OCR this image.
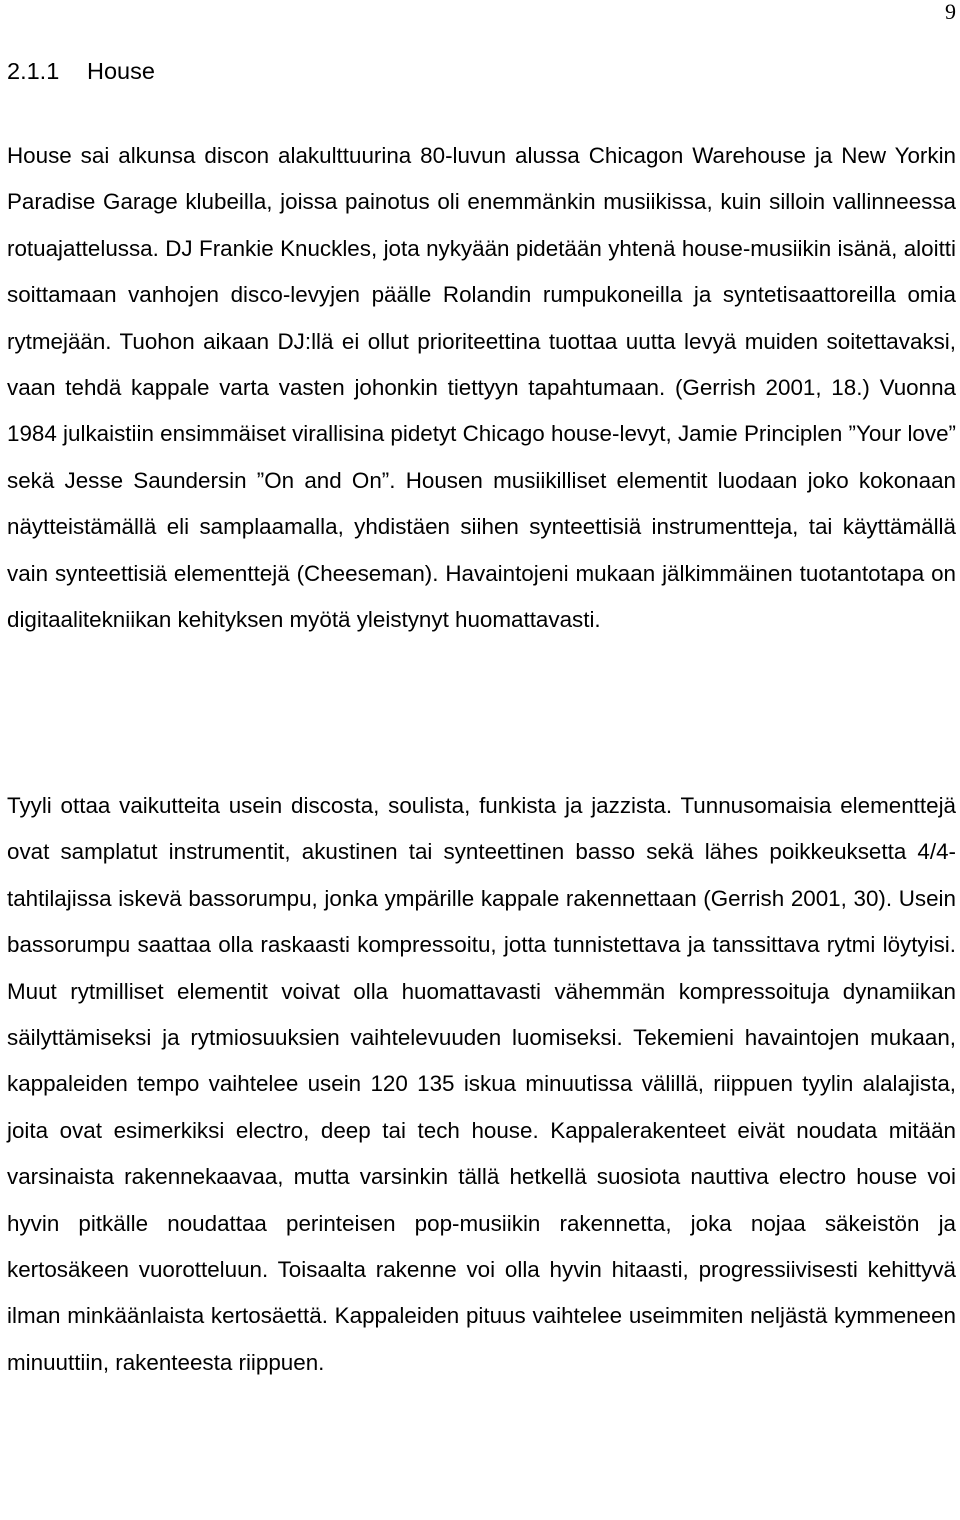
9
2.1.1 House

House sai alkunsa discon alakulttuurina 80-luvun alussa Chicagon Warehouse ja New Yorkin Paradise Garage klubeilla, joissa painotus oli enemmänkin musiikissa, kuin silloin vallinneessa rotuajattelussa. DJ Frankie Knuckles, jota nykyään pidetään yhtenä house-musiikin isänä, aloitti soittamaan vanhojen disco-levyjen päälle Rolandin rumpukoneilla ja syntetisaattoreilla omia rytmejään. Tuohon aikaan DJ:llä ei ollut prioriteettina tuottaa uutta levyä muiden soitettavaksi, vaan tehdä kappale varta vasten johonkin tiettyyn tapahtumaan. (Gerrish 2001, 18.) Vuonna 1984 julkaistiin ensimmäiset virallisina pidetyt Chicago house-levyt, Jamie Principlen ”Your love” sekä Jesse Saundersin ”On and On”. Housen musiikilliset elementit luodaan joko kokonaan näytteistämällä eli samplaamalla, yhdistäen siihen synteettisiä instrumentteja, tai käyttämällä vain synteettisiä elementtejä (Cheeseman). Havaintojeni mukaan jälkimmäinen tuotantotapa on digitaalitekniikan kehityksen myötä yleistynyt huomattavasti.

Tyyli ottaa vaikutteita usein discosta, soulista, funkista ja jazzista. Tunnusomaisia elementtejä ovat samplatut instrumentit, akustinen tai synteettinen basso sekä lähes poikkeuksetta 4/4-tahtilajissa iskevä bassorumpu, jonka ympärille kappale rakennettaan (Gerrish 2001, 30). Usein bassorumpu saattaa olla raskaasti kompressoitu, jotta tunnistettava ja tanssittava rytmi löytyisi. Muut rytmilliset elementit voivat olla huomattavasti vähemmän kompressoituja dynamiikan säilyttämiseksi ja rytmiosuuksien vaihtelevuuden luomiseksi. Tekemieni havaintojen mukaan, kappaleiden tempo vaihtelee usein 120 135 iskua minuutissa välillä, riippuen tyylin alalajista, joita ovat esimerkiksi electro, deep tai tech house. Kappalerakenteet eivät noudata mitään varsinaista rakennekaavaa, mutta varsinkin tällä hetkellä suosiota nauttiva electro house voi hyvin pitkälle noudattaa perinteisen pop-musiikin rakennetta, joka nojaa säkeistön ja kertosäkeen vuorotteluun. Toisaalta rakenne voi olla hyvin hitaasti, progressiivisesti kehittyvä ilman minkäänlaista kertosäettä. Kappaleiden pituus vaihtelee useimmiten neljästä kymmeneen minuuttiin, rakenteesta riippuen.
